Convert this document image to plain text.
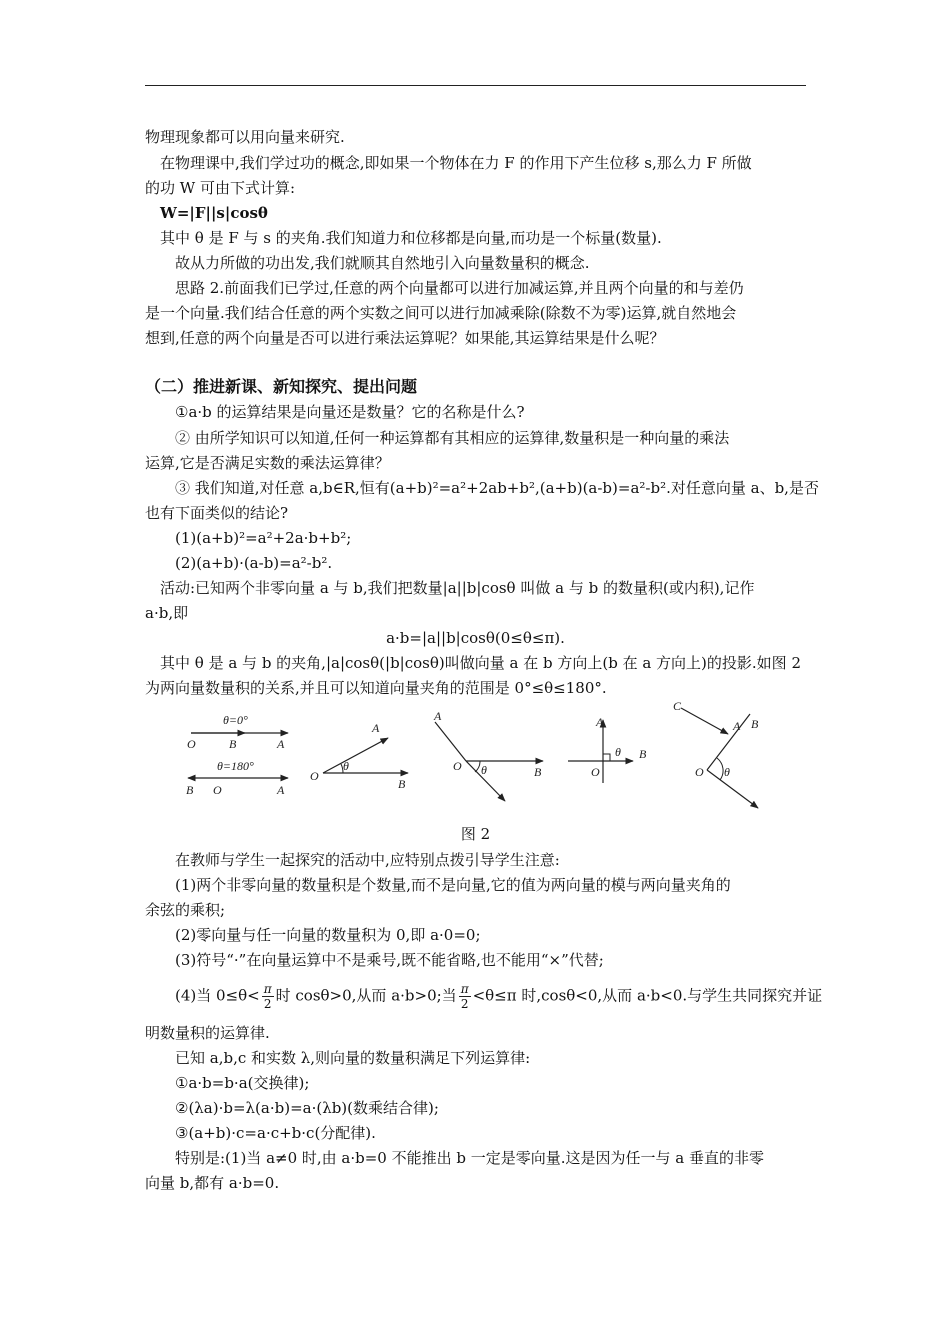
物理现象都可以用向量来研究.
在物理课中,我们学过功的概念,即如果一个物体在力 F 的作用下产生位移 s,那么力 F 所做
的功 W 可由下式计算:
W=|F||s|cosθ
其中 θ 是 F 与 s 的夹角.我们知道力和位移都是向量,而功是一个标量(数量).
故从力所做的功出发,我们就顺其自然地引入向量数量积的概念.
思路 2.前面我们已学过,任意的两个向量都可以进行加减运算,并且两个向量的和与差仍
是一个向量.我们结合任意的两个实数之间可以进行加减乘除(除数不为零)运算,就自然地会
想到,任意的两个向量是否可以进行乘法运算呢？如果能,其运算结果是什么呢？
（二）推进新课、新知探究、提出问题
①a·b 的运算结果是向量还是数量？它的名称是什么?
② 由所学知识可以知道,任何一种运算都有其相应的运算律,数量积是一种向量的乘法
运算,它是否满足实数的乘法运算律？
③ 我们知道,对任意 a,b∈R,恒有(a+b)²=a²+2ab+b²,(a+b)(a-b)=a²-b².对任意向量 a、b,是否
也有下面类似的结论?
(1)(a+b)²=a²+2a·b+b²;
(2)(a+b)·(a-b)=a²-b².
活动:已知两个非零向量 a 与 b,我们把数量|a||b|cosθ 叫做 a 与 b 的数量积(或内积),记作
a·b,即
a·b=|a||b|cosθ(0≤θ≤π).
其中 θ 是 a 与 b 的夹角,|a|cosθ(|b|cosθ)叫做向量 a 在 b 方向上(b 在 a 方向上)的投影.如图 2
为两向量数量积的关系,并且可以知道向量夹角的范围是 0°≤θ≤180°.
θ=0°
O	B	A
θ=180°
B O	A
θ
O
A
B
θ
O
A
B
θ
O
A
B
θ
O
C
A B
图 2
在教师与学生一起探究的活动中,应特别点拨引导学生注意:
(1)两个非零向量的数量积是个数量,而不是向量,它的值为两向量的模与两向量夹角的
余弦的乘积;
(2)零向量与任一向量的数量积为 0,即 a·0=0;
(3)符号“·”在向量运算中不是乘号,既不能省略,也不能用“×”代替;
(4)当 $0\le\theta< \frac{\pi}{2}$ 时 cosθ>0,从而 a·b>0;当 $\frac{\pi}{2} <\theta\le\pi$ 时,cosθ<0,从而 a·b<0.与学生共同探究并证
明数量积的运算律.
已知 a,b,c 和实数 λ,则向量的数量积满足下列运算律:
①a·b=b·a(交换律);
②(λa)·b=λ(a·b)=a·(λb)(数乘结合律);
③(a+b)·c=a·c+b·c(分配律).
特别是:(1)当 a≠0 时,由 a·b=0 不能推出 b 一定是零向量.这是因为任一与 a 垂直的非零
向量 b,都有 a·b=0.
